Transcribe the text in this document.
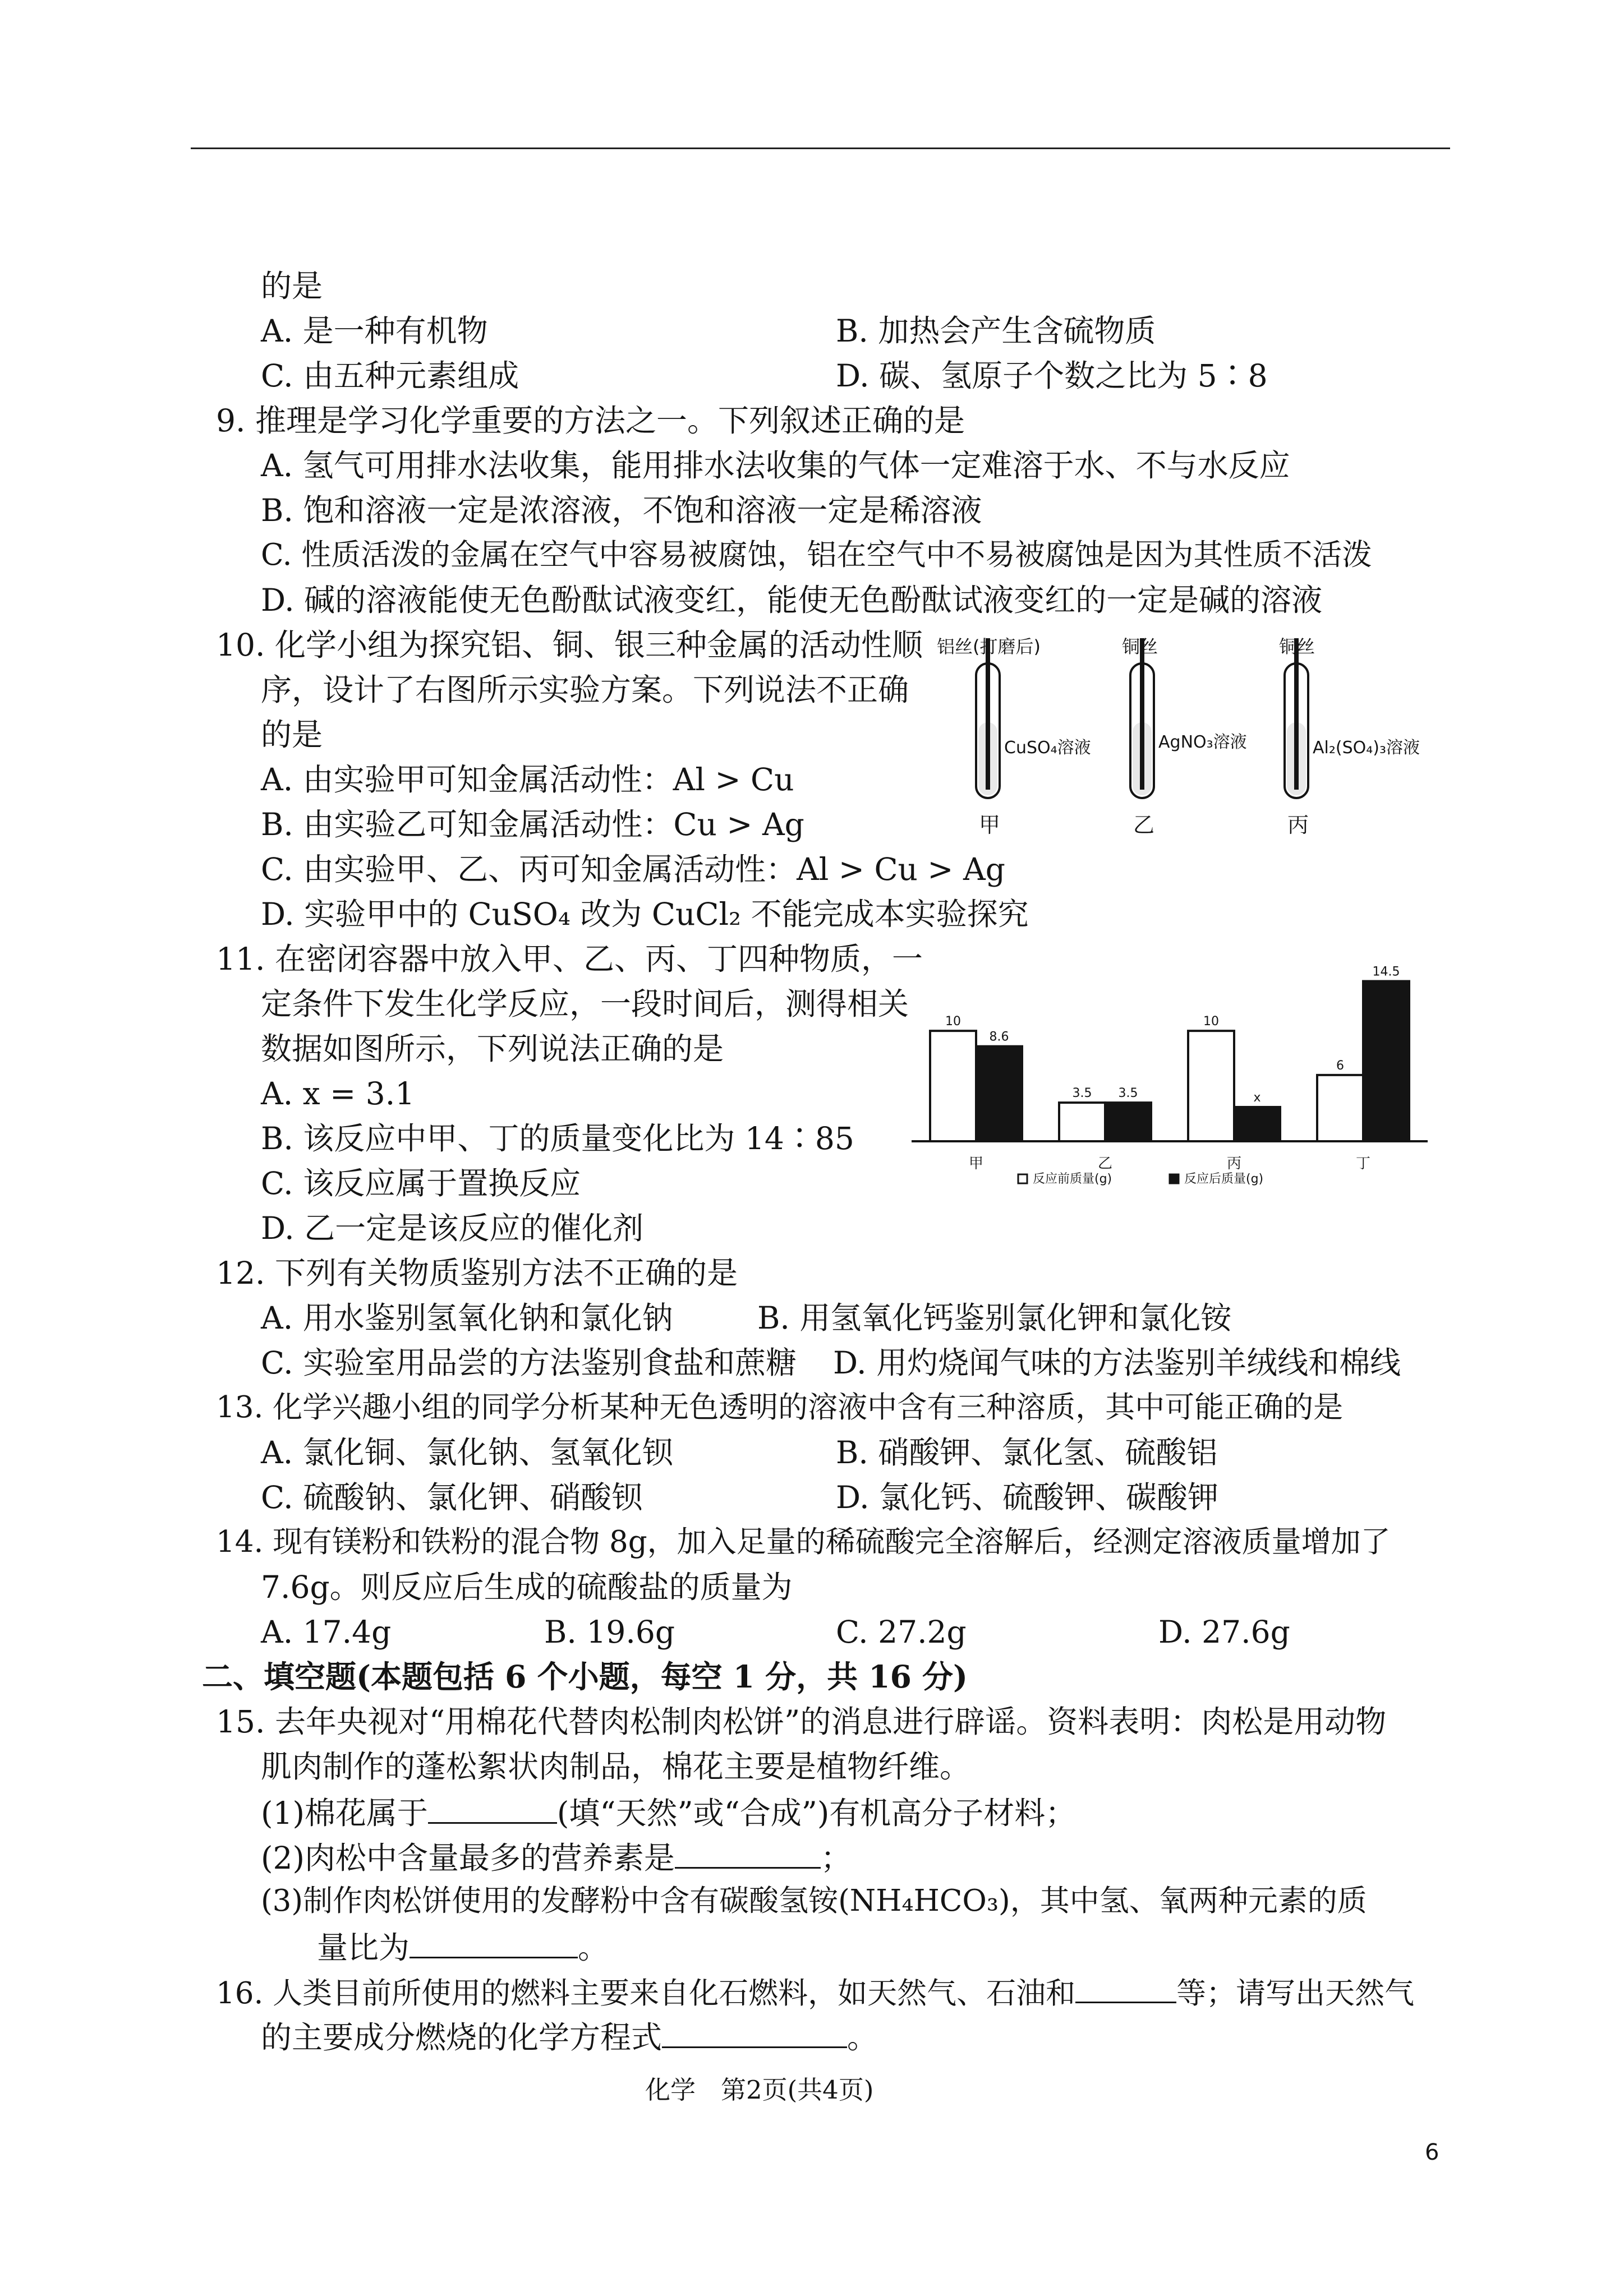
的是
A. 是一种有机物	B. 加热会产生含硫物质
C. 由五种元素组成	D. 碳、氢原子个数之比为 5∶8
9. 推理是学习化学重要的方法之一。下列叙述正确的是
A. 氢气可用排水法收集，能用排水法收集的气体一定难溶于水、不与水反应
B. 饱和溶液一定是浓溶液，不饱和溶液一定是稀溶液
C. 性质活泼的金属在空气中容易被腐蚀，铝在空气中不易被腐蚀是因为其性质不活泼
D. 碱的溶液能使无色酚酞试液变红，能使无色酚酞试液变红的一定是碱的溶液
10. 化学小组为探究铝、铜、银三种金属的活动性顺
序，设计了右图所示实验方案。下列说法不正确
的是
A. 由实验甲可知金属活动性：Al > Cu
B. 由实验乙可知金属活动性：Cu > Ag
C. 由实验甲、乙、丙可知金属活动性：Al > Cu > Ag
D. 实验甲中的 CuSO₄ 改为 CuCl₂ 不能完成本实验探究
铝丝(打磨后)	铜丝	铜丝
CuSO₄溶液	AgNO₃溶液	Al₂(SO₄)₃溶液
甲	乙	丙
11. 在密闭容器中放入甲、乙、丙、丁四种物质，一
定条件下发生化学反应，一段时间后，测得相关
数据如图所示，下列说法正确的是
A. x = 3.1
B. 该反应中甲、丁的质量变化比为 14∶85
C. 该反应属于置换反应
D. 乙一定是该反应的催化剂
10
8.6
3.5 3.5
10
x
6
14.5
甲	乙	丙	丁
反应前质量(g)	反应后质量(g)
12. 下列有关物质鉴别方法不正确的是
A. 用水鉴别氢氧化钠和氯化钠	B. 用氢氧化钙鉴别氯化钾和氯化铵
C. 实验室用品尝的方法鉴别食盐和蔗糖 D. 用灼烧闻气味的方法鉴别羊绒线和棉线
13. 化学兴趣小组的同学分析某种无色透明的溶液中含有三种溶质，其中可能正确的是
A. 氯化铜、氯化钠、氢氧化钡	B. 硝酸钾、氯化氢、硫酸铝
C. 硫酸钠、氯化钾、硝酸钡	D. 氯化钙、硫酸钾、碳酸钾
14. 现有镁粉和铁粉的混合物 8g，加入足量的稀硫酸完全溶解后，经测定溶液质量增加了
7.6g。则反应后生成的硫酸盐的质量为
A. 17.4g	B. 19.6g	C. 27.2g	D. 27.6g
二、填空题(本题包括 6 个小题，每空 1 分，共 16 分)
15. 去年央视对“用棉花代替肉松制肉松饼”的消息进行辟谣。资料表明：肉松是用动物
肌肉制作的蓬松絮状肉制品，棉花主要是植物纤维。
(1)棉花属于	(填“天然”或“合成”)有机高分子材料；
(2)肉松中含量最多的营养素是	；
(3)制作肉松饼使用的发酵粉中含有碳酸氢铵(NH₄HCO₃)，其中氢、氧两种元素的质
量比为	。
16. 人类目前所使用的燃料主要来自化石燃料，如天然气、石油和	等；请写出天然气
的主要成分燃烧的化学方程式	。
化学　第2页(共4页)
6
